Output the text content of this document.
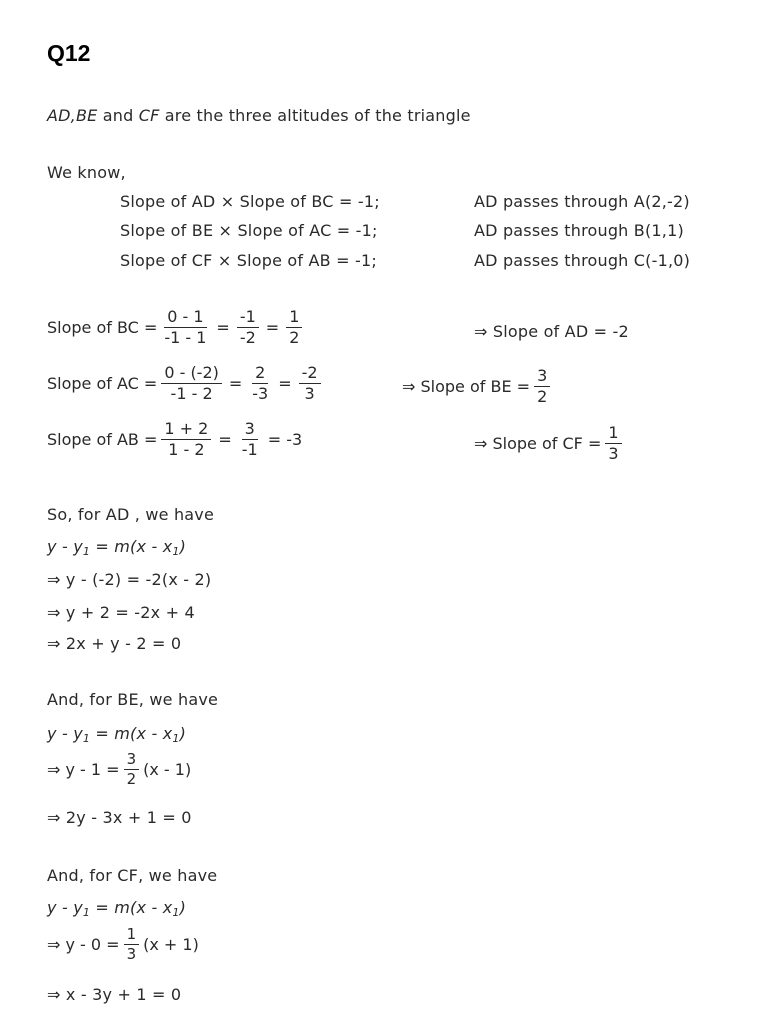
Q12
AD,BE and CF are the three altitudes of the triangle
We know,
Slope of AD × Slope of BC = -1;	AD passes through A(2,-2)
Slope of BE × Slope of AC = -1;	AD passes through B(1,1)
Slope of CF × Slope of AB = -1;	AD passes through C(-1,0)
Slope of BC = $\frac{0 - 1}{-1 - 1} = \frac{-1}{-2} = \frac{1}{2}$	⇒ Slope of AD = -2
Slope of AC = $\frac{0 - (-2)}{-1 - 2} = \frac{2}{-3} = \frac{-2}{3}$	⇒ Slope of BE = $\frac{3}{2}$
Slope of AB = $\frac{1 + 2}{1 - 2} = \frac{3}{-1} = -3$	⇒ Slope of CF = $\frac{1}{3}$
So, for AD , we have
$y - y_1 = m(x - x_1)$
⇒ y - (-2) = -2(x - 2)
⇒ y + 2 = -2x + 4
⇒ 2x + y - 2 = 0
And, for BE, we have
$y - y_1 = m(x - x_1)$
⇒ $y - 1 = \frac{3}{2} (x - 1)$
⇒ 2y - 3x + 1 = 0
And, for CF, we have
$y - y_1 = m(x - x_1)$
⇒ $y - 0 = \frac{1}{3} (x + 1)$
⇒ x - 3y + 1 = 0
